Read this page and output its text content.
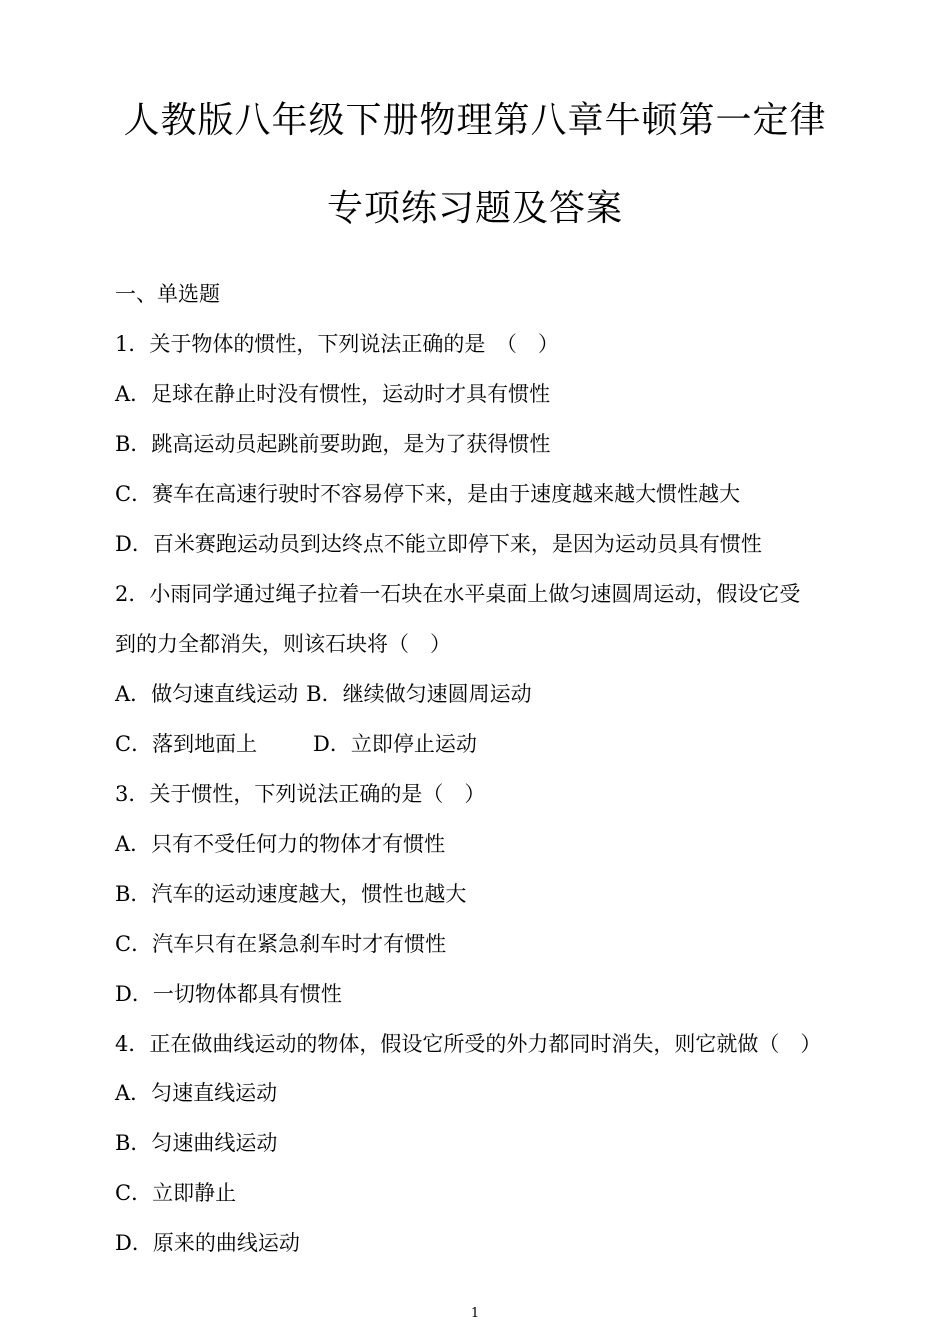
人教版八年级下册物理第八章牛顿第一定律
专项练习题及答案
一、单选题
1．关于物体的惯性，下列说法正确的是　（　）
A．足球在静止时没有惯性，运动时才具有惯性
B．跳高运动员起跳前要助跑，是为了获得惯性
C．赛车在高速行驶时不容易停下来，是由于速度越来越大惯性越大
D．百米赛跑运动员到达终点不能立即停下来，是因为运动员具有惯性
2．小雨同学通过绳子拉着一石块在水平桌面上做匀速圆周运动，假设它受
到的力全都消失，则该石块将（　）
A．做匀速直线运动 B．继续做匀速圆周运动
C．落到地面上	D．立即停止运动
3．关于惯性，下列说法正确的是（　）
A．只有不受任何力的物体才有惯性
B．汽车的运动速度越大，惯性也越大
C．汽车只有在紧急刹车时才有惯性
D．一切物体都具有惯性
4．正在做曲线运动的物体，假设它所受的外力都同时消失，则它就做（　）
A．匀速直线运动
B．匀速曲线运动
C．立即静止
D．原来的曲线运动
1
